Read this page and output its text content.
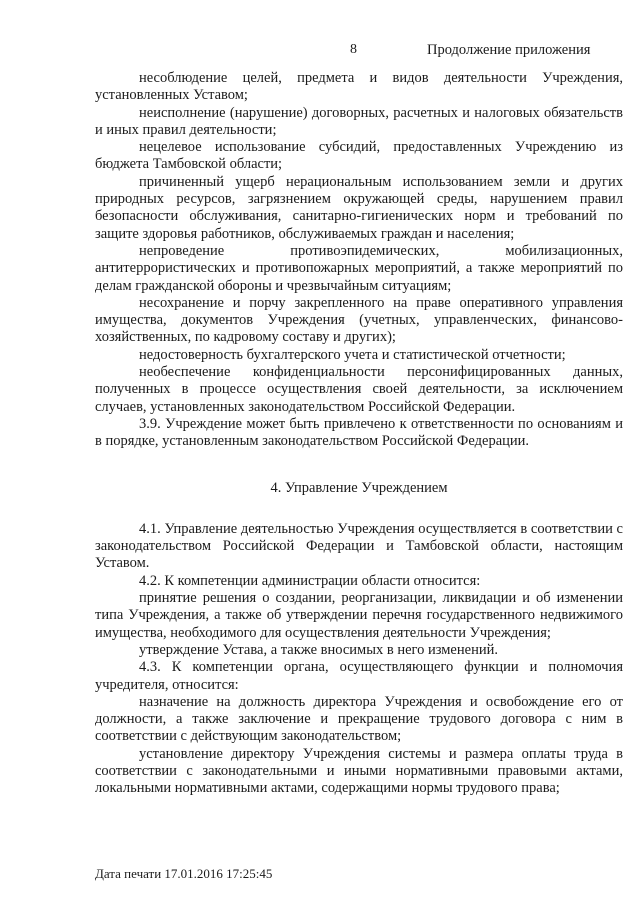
8	Продолжение приложения

несоблюдение целей, предмета и видов деятельности Учреждения, установленных Уставом;

неисполнение (нарушение) договорных, расчетных и налоговых обязательств и иных правил деятельности;

нецелевое использование субсидий, предоставленных Учреждению из бюджета Тамбовской области;

причиненный ущерб нерациональным использованием земли и других природных ресурсов, загрязнением окружающей среды, нарушением правил безопасности обслуживания, санитарно-гигиенических норм и требований по защите здоровья работников, обслуживаемых граждан и населения;

непроведение противоэпидемических, мобилизационных, антитеррористических и противопожарных мероприятий, а также мероприятий по делам гражданской обороны и чрезвычайным ситуациям;

несохранение и порчу закрепленного на праве оперативного управления имущества, документов Учреждения (учетных, управленческих, финансово-хозяйственных, по кадровому составу и других);

недостоверность бухгалтерского учета и статистической отчетности;

необеспечение конфиденциальности персонифицированных данных, полученных в процессе осуществления своей деятельности, за исключением случаев, установленных законодательством Российской Федерации.

3.9. Учреждение может быть привлечено к ответственности по основаниям и в порядке, установленным законодательством Российской Федерации.

4. Управление Учреждением

4.1. Управление деятельностью Учреждения осуществляется в соответствии с законодательством Российской Федерации и Тамбовской области, настоящим Уставом.

4.2. К компетенции администрации области относится:

принятие решения о создании, реорганизации, ликвидации и об изменении типа Учреждения, а также об утверждении перечня государственного недвижимого имущества, необходимого для осуществления деятельности Учреждения;

утверждение Устава, а также вносимых в него изменений.

4.3. К компетенции органа, осуществляющего функции и полномочия учредителя, относится:

назначение на должность директора Учреждения и освобождение его от должности, а также заключение и прекращение трудового договора с ним в соответствии с действующим законодательством;

установление директору Учреждения системы и размера оплаты труда в соответствии с законодательными и иными нормативными правовыми актами, локальными нормативными актами, содержащими нормы трудового права;

Дата печати 17.01.2016 17:25:45
